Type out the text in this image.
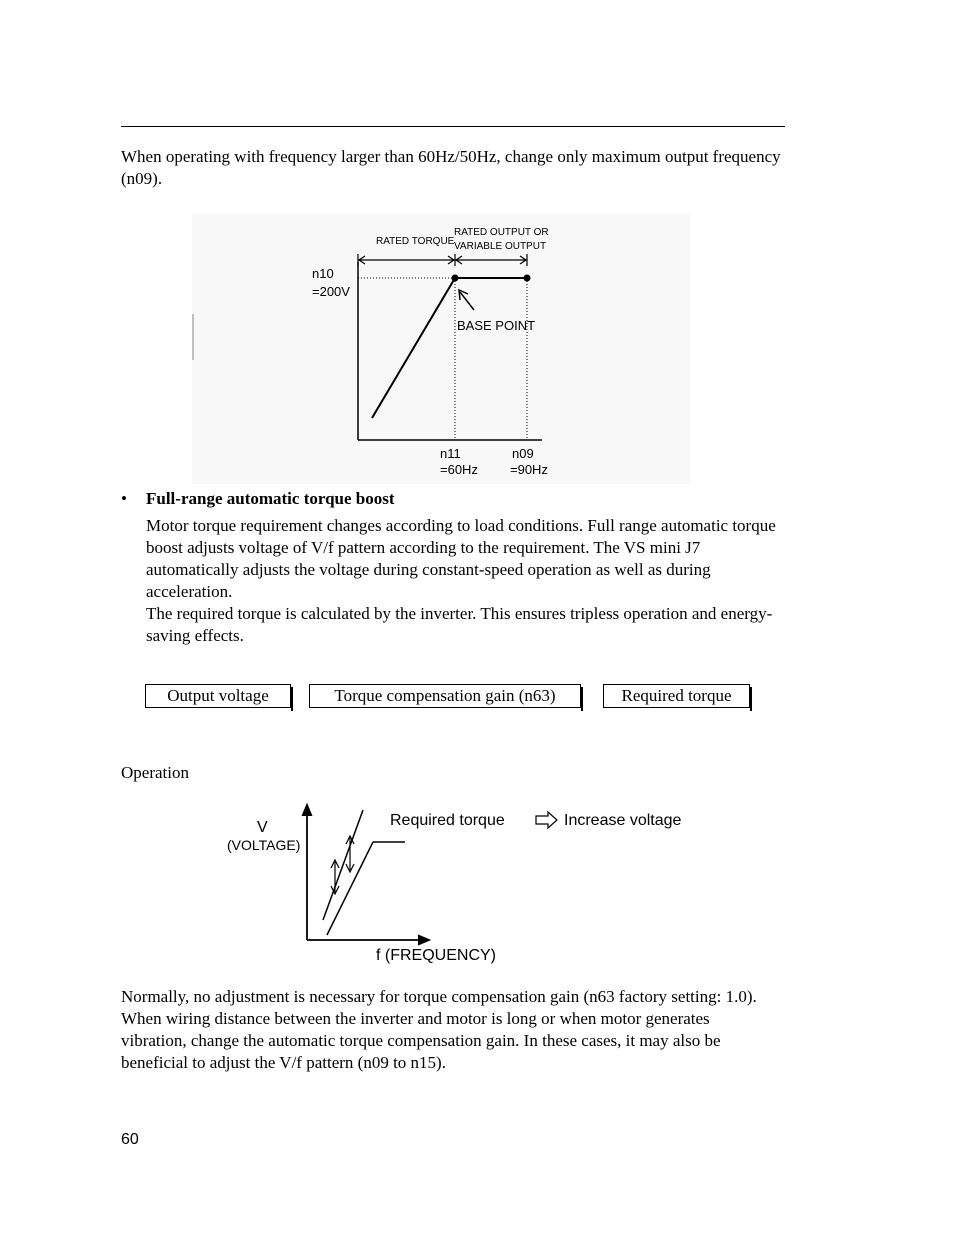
When operating with frequency larger than 60Hz/50Hz, change only maximum output frequency (n09).

RATED TORQUE
RATED OUTPUT OR
VARIABLE OUTPUT
n10
=200V
BASE POINT
n11
=60Hz
n09
=90Hz
• Full-range automatic torque boost

Motor torque requirement changes according to load conditions. Full range automatic torque boost adjusts voltage of V/f pattern according to the requirement. The VS mini J7 automatically adjusts the voltage during constant-speed operation as well as during acceleration.
The required torque is calculated by the inverter. This ensures tripless operation and energy-saving effects.
Output voltage	Torque compensation gain (n63)	Required torque

Operation

V
(VOLTAGE)
Required torque	Increase voltage
f (FREQUENCY)

Normally, no adjustment is necessary for torque compensation gain (n63 factory setting: 1.0). When wiring distance between the inverter and motor is long or when motor generates vibration, change the automatic torque compensation gain. In these cases, it may also be beneficial to adjust the V/f pattern (n09 to n15).

60
